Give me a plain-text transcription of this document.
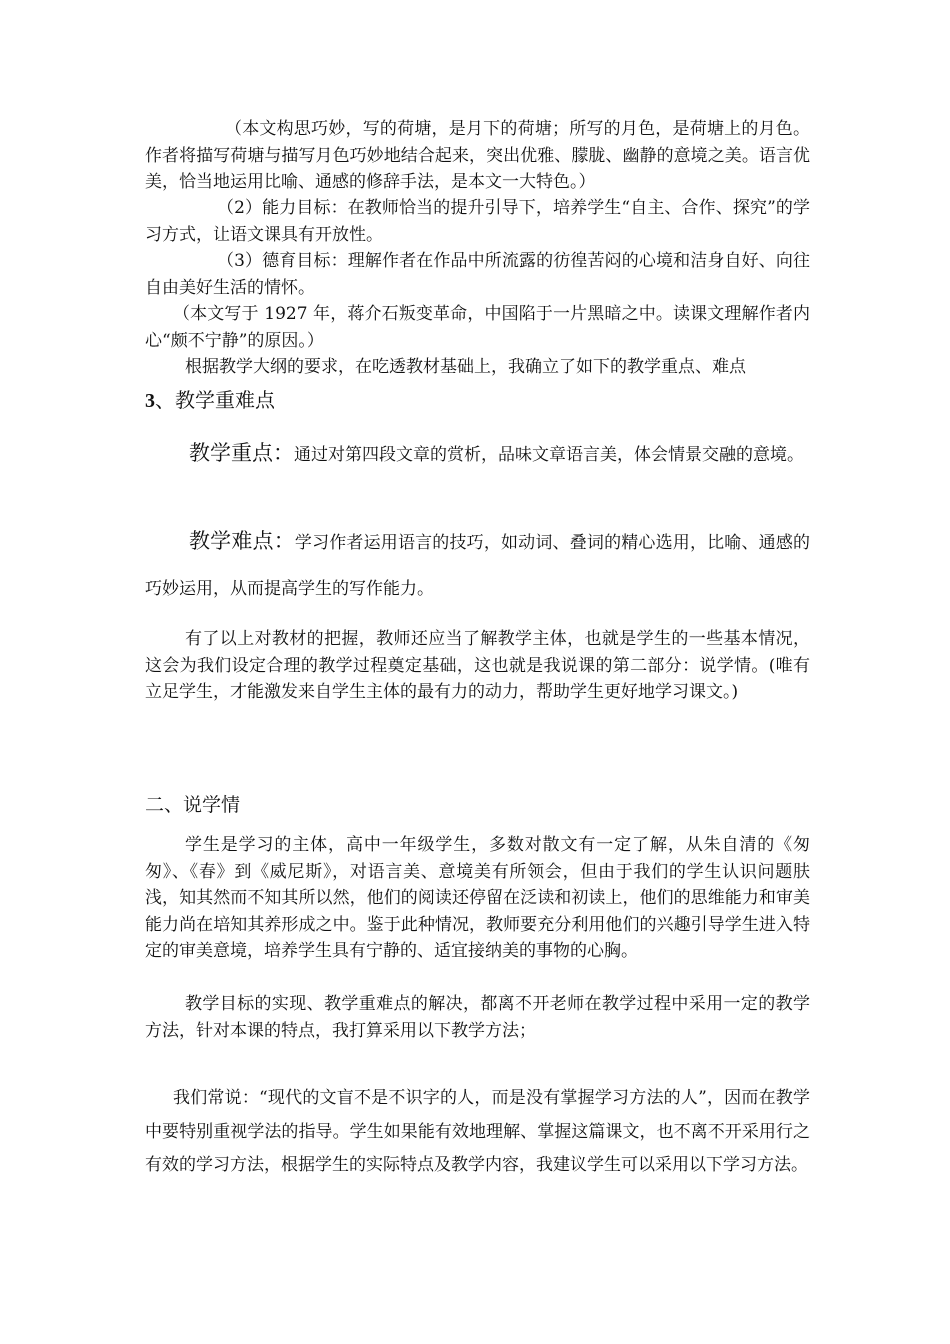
（本文构思巧妙，写的荷塘，是月下的荷塘；所写的月色，是荷塘上的月色。作者将描写荷塘与描写月色巧妙地结合起来，突出优雅、朦胧、幽静的意境之美。语言优美，恰当地运用比喻、通感的修辞手法，是本文一大特色。）

（2）能力目标：在教师恰当的提升引导下，培养学生“自主、合作、探究”的学习方式，让语文课具有开放性。

（3）德育目标：理解作者在作品中所流露的彷徨苦闷的心境和洁身自好、向往自由美好生活的情怀。

（本文写于 1927 年，蒋介石叛变革命，中国陷于一片黑暗之中。读课文理解作者内心“颇不宁静”的原因。）

根据教学大纲的要求，在吃透教材基础上，我确立了如下的教学重点、难点

3、教学重难点

教学重点：通过对第四段文章的赏析，品味文章语言美，体会情景交融的意境。

教学难点：学习作者运用语言的技巧，如动词、叠词的精心选用，比喻、通感的巧妙运用，从而提高学生的写作能力。

有了以上对教材的把握，教师还应当了解教学主体，也就是学生的一些基本情况，这会为我们设定合理的教学过程奠定基础，这也就是我说课的第二部分：说学情。(唯有立足学生，才能激发来自学生主体的最有力的动力，帮助学生更好地学习课文。)

二、说学情

学生是学习的主体，高中一年级学生，多数对散文有一定了解，从朱自清的《匆匆》、《春》到《威尼斯》，对语言美、意境美有所领会，但由于我们的学生认识问题肤浅，知其然而不知其所以然，他们的阅读还停留在泛读和初读上，他们的思维能力和审美能力尚在培知其养形成之中。鉴于此种情况，教师要充分利用他们的兴趣引导学生进入特定的审美意境，培养学生具有宁静的、适宜接纳美的事物的心胸。

教学目标的实现、教学重难点的解决，都离不开老师在教学过程中采用一定的教学方法，针对本课的特点，我打算采用以下教学方法；

我们常说：“现代的文盲不是不识字的人，而是没有掌握学习方法的人”，因而在教学中要特别重视学法的指导。学生如果能有效地理解、掌握这篇课文，也不离不开采用行之有效的学习方法，根据学生的实际特点及教学内容，我建议学生可以采用以下学习方法。
